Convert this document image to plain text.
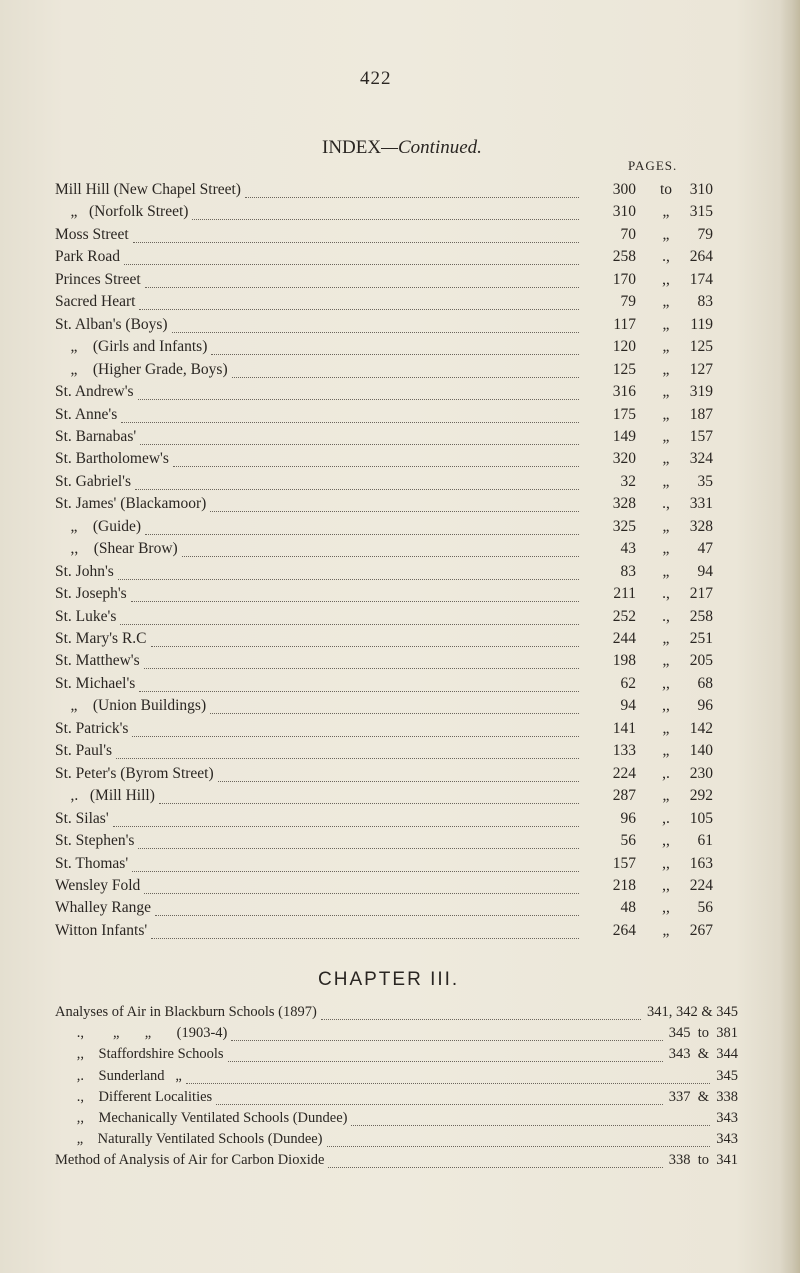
422
INDEX—Continued.
PAGES.
Mill Hill (New Chapel Street)	300	to	310
„   (Norfolk Street)	310	„	315
Moss Street	70	„	79
Park Road	258	.,	264
Princes Street	170	,,	174
Sacred Heart	79	„	83
St. Alban's (Boys)	117	„	119
„    (Girls and Infants)	120	„	125
„    (Higher Grade, Boys)	125	„	127
St. Andrew's	316	„	319
St. Anne's	175	„	187
St. Barnabas'	149	„	157
St. Bartholomew's	320	„	324
St. Gabriel's	32	„	35
St. James' (Blackamoor)	328	.,	331
„    (Guide)	325	„	328
,,    (Shear Brow)	43	„	47
St. John's	83	„	94
St. Joseph's	211	.,	217
St. Luke's	252	.,	258
St. Mary's R.C	244	„	251
St. Matthew's	198	„	205
St. Michael's	62	,,	68
„    (Union Buildings)	94	,,	96
St. Patrick's	141	„	142
St. Paul's	133	„	140
St. Peter's (Byrom Street)	224	,.	230
,.   (Mill Hill)	287	„	292
St. Silas'	96	,.	105
St. Stephen's	56	,,	61
St. Thomas'	157	,,	163
Wensley Fold	218	,,	224
Whalley Range	48	,,	56
Witton Infants'	264	„	267
CHAPTER III.
Analyses of Air in Blackburn Schools (1897)	341, 342 & 345
.,        „       „       (1903-4)	345  to  381
,,    Staffordshire Schools	343  &  344
,.    Sunderland   „	345
.,    Different Localities	337  &  338
,,    Mechanically Ventilated Schools (Dundee)	343
„    Naturally Ventilated Schools (Dundee)	343
Method of Analysis of Air for Carbon Dioxide	338  to  341
